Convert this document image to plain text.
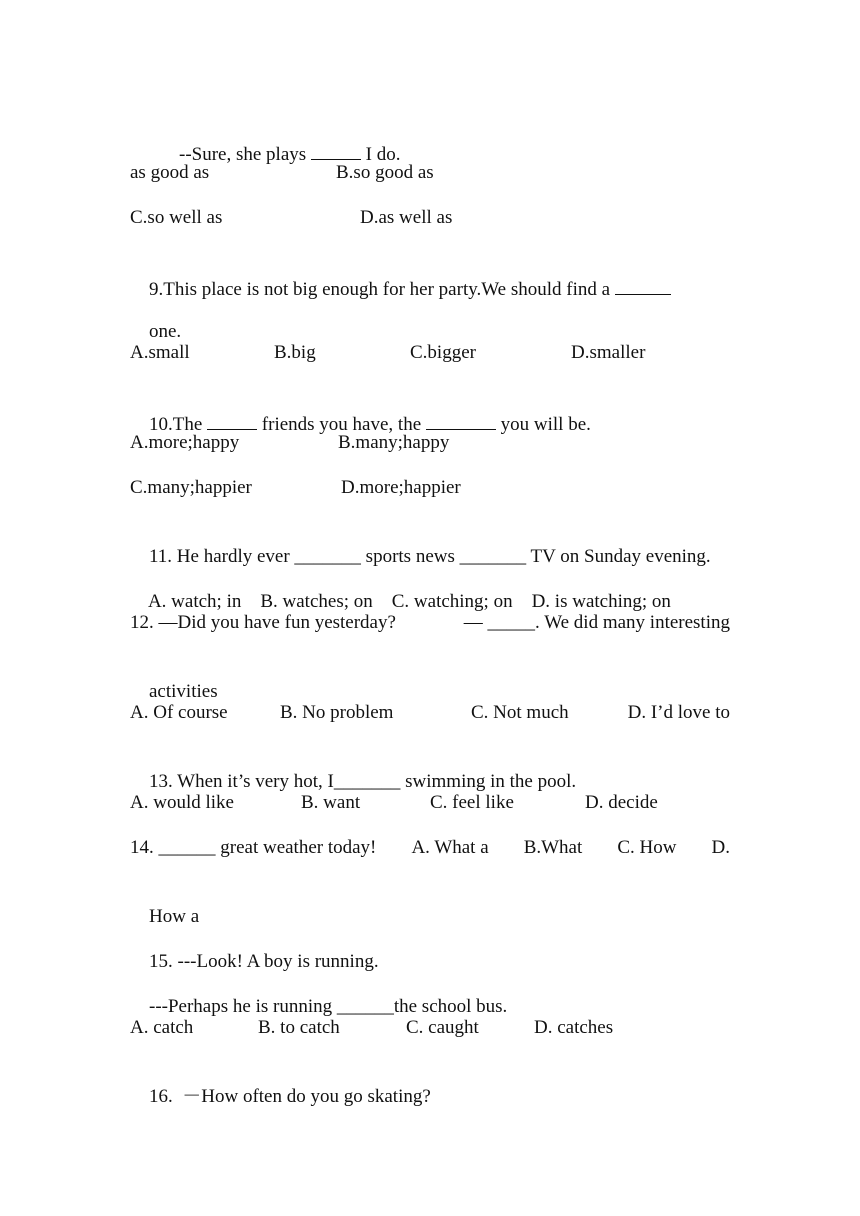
--Sure, she plays	I do.

as good as

	B.so good as

C.so well as

	D.as well as

9.This place is not big enough for her party.We should find a

one.

A.small

	B.big

	C.bigger

	D.smaller

10.The	friends you have, the	you will be.

A.more;happy

	B.many;happy

C.many;happier

	D.more;happier

11. He hardly ever _______ sports news _______ TV on Sunday evening.

A. watch; in    B. watches; on    C. watching; on    D. is watching; on

12. —Did you have fun yesterday?

	— _____. We did many interesting

activities

A. Of course

	B. No problem

	C. Not much

	D. I’d love to

13. When it’s very hot, I_______ swimming in the pool.

A. would like

	B. want

	C. feel like

	D. decide

14. ______ great weather today! A. What a B.What C. How D.

How a

15. ---Look! A boy is running.

---Perhaps he is running ______the school bus.

A. catch

	B. to catch

	C. caught

	D. catches

16.  －How often do you go skating?
